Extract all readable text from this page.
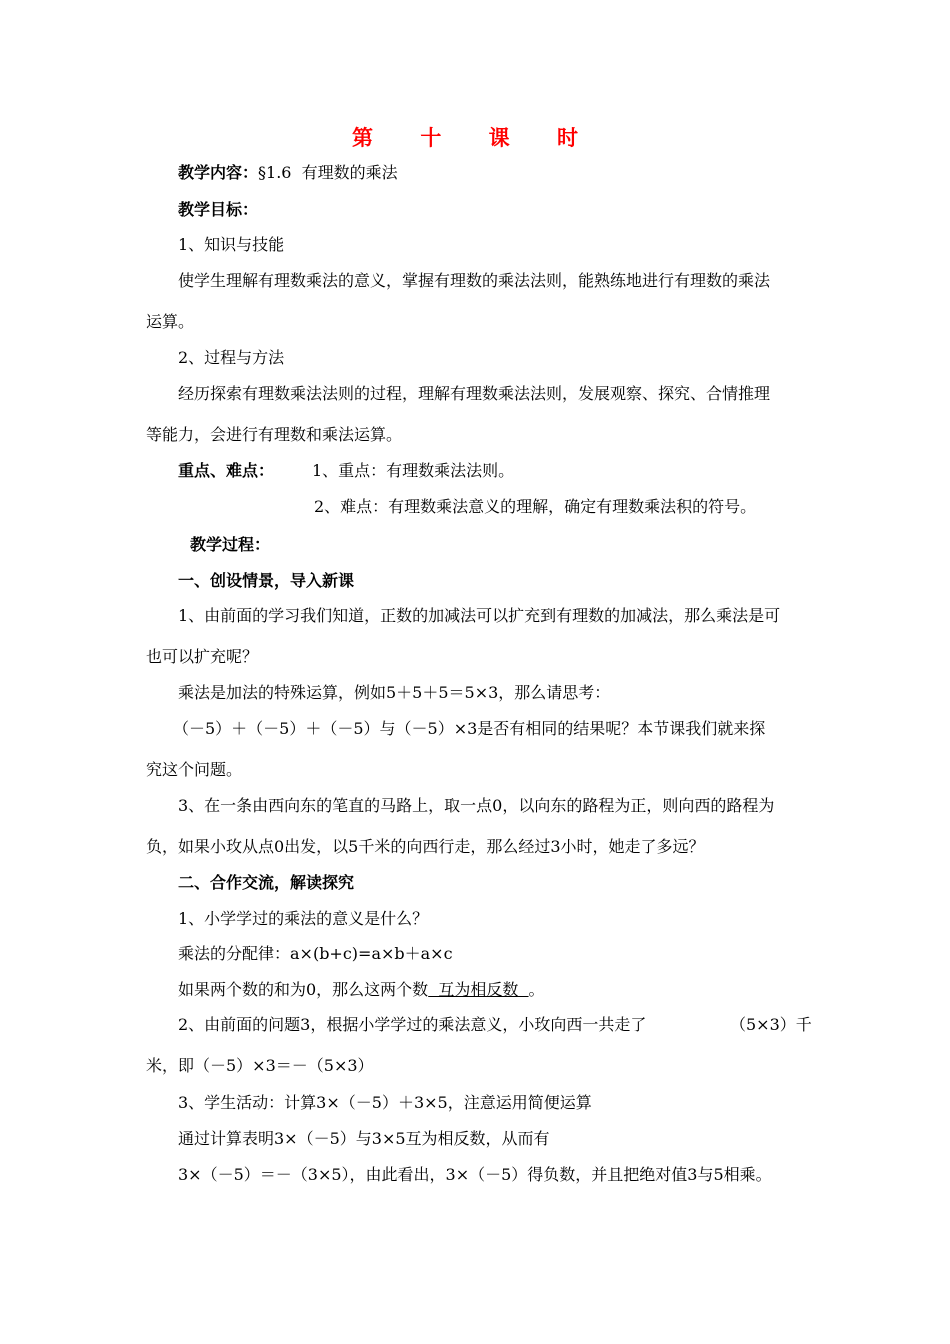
第 十 课 时
教学内容：§1.6  有理数的乘法
教学目标：
1、知识与技能
使学生理解有理数乘法的意义，掌握有理数的乘法法则，能熟练地进行有理数的乘法
运算。
2、过程与方法
经历探索有理数乘法法则的过程，理解有理数乘法法则，发展观察、探究、合情推理
等能力，会进行有理数和乘法运算。
重点、难点： 1、重点：有理数乘法法则。
2、难点：有理数乘法意义的理解，确定有理数乘法积的符号。
教学过程：
一、创设情景，导入新课
1、由前面的学习我们知道，正数的加减法可以扩充到有理数的加减法，那么乘法是可
也可以扩充呢？
乘法是加法的特殊运算，例如5＋5＋5＝5×3，那么请思考：
（－5）＋（－5）＋（－5）与（－5）×3是否有相同的结果呢？本节课我们就来探
究这个问题。
3、在一条由西向东的笔直的马路上，取一点0，以向东的路程为正，则向西的路程为
负，如果小玫从点0出发，以5千米的向西行走，那么经过3小时，她走了多远？
二、合作交流，解读探究
1、小学学过的乘法的意义是什么？
乘法的分配律：a×(b+c)=a×b＋a×c
如果两个数的和为0，那么这两个数  互为相反数  。
2、由前面的问题3，根据小学学过的乘法意义，小玫向西一共走了	（5×3）千
米，即（－5）×3＝－（5×3）
3、学生活动：计算3×（－5）＋3×5，注意运用简便运算
通过计算表明3×（－5）与3×5互为相反数，从而有
3×（－5）＝－（3×5），由此看出，3×（－5）得负数，并且把绝对值3与5相乘。
